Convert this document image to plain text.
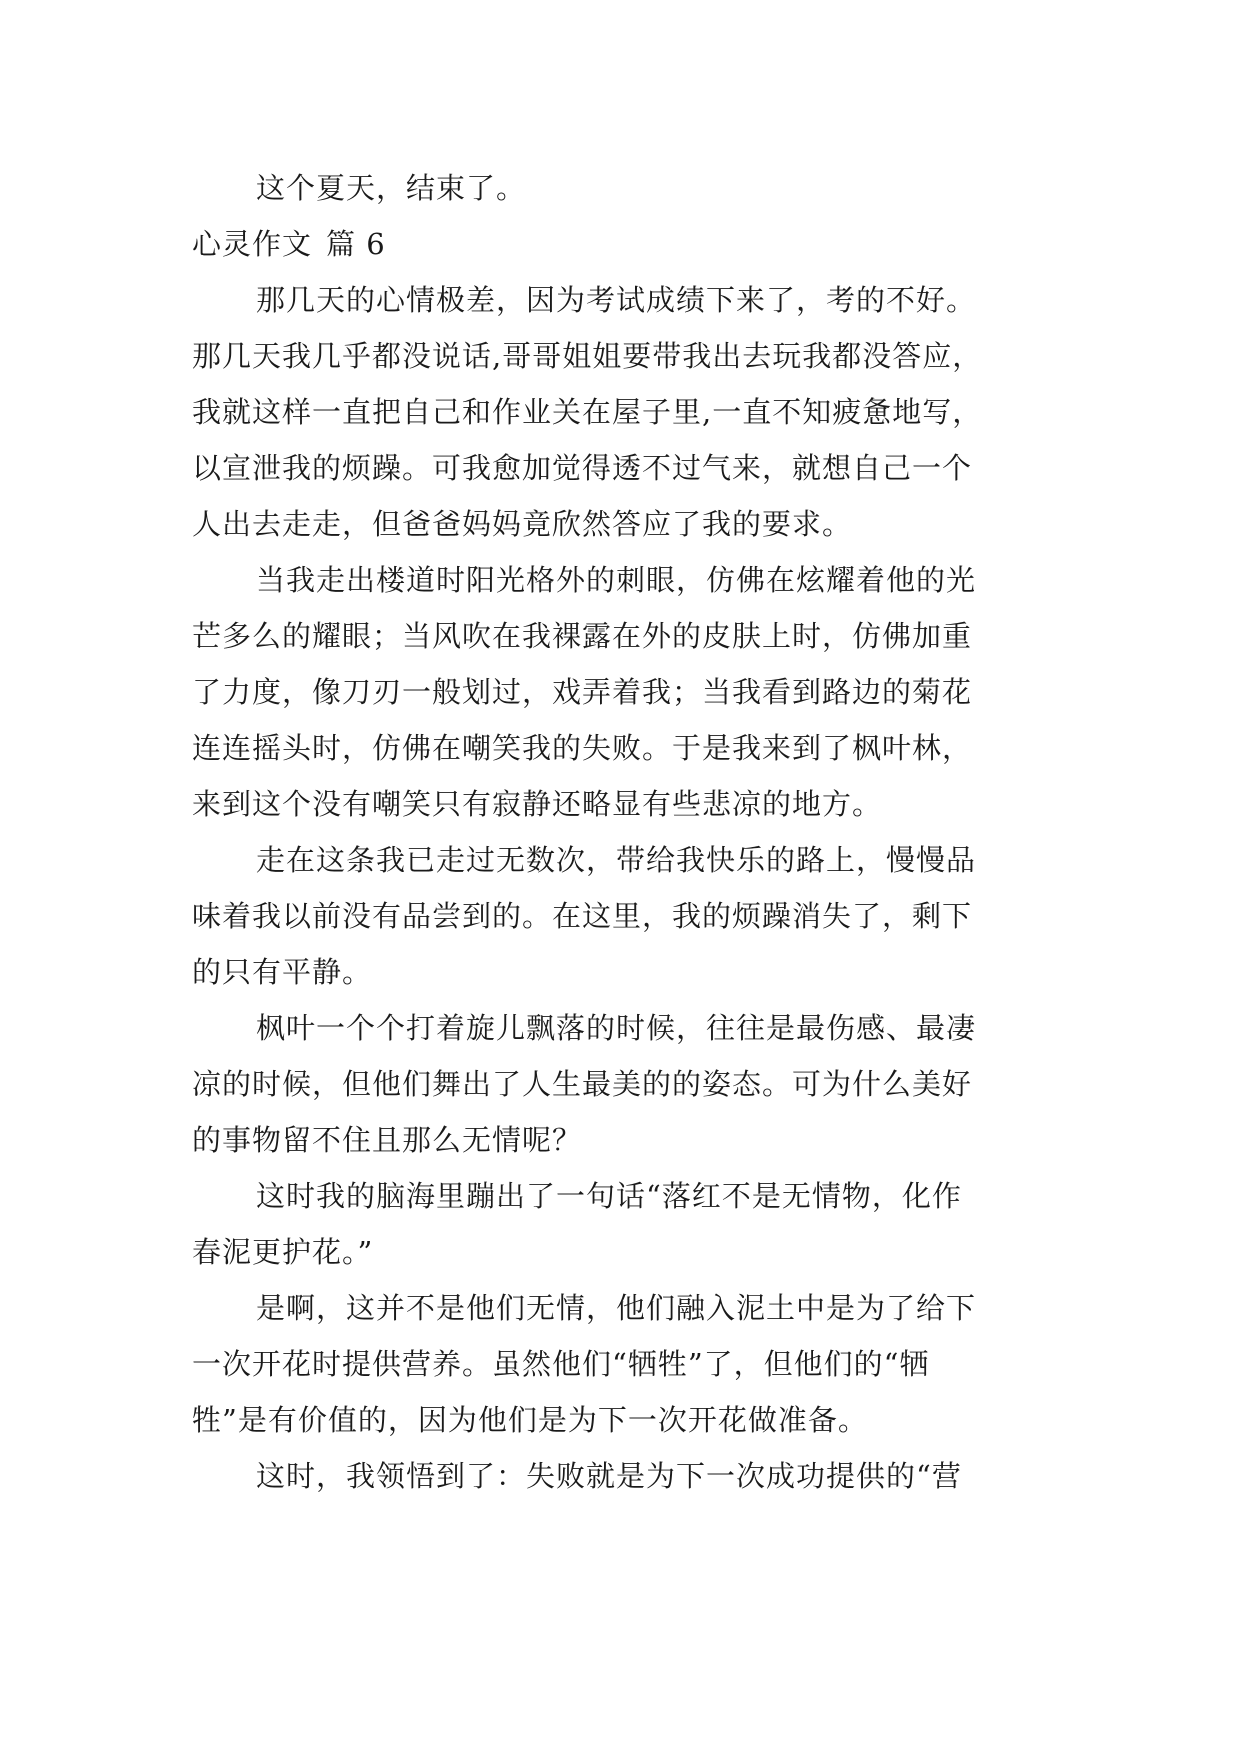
这个夏天，结束了。
心灵作文 篇 6
那几天的心情极差，因为考试成绩下来了，考的不好。
那几天我几乎都没说话,哥哥姐姐要带我出去玩我都没答应，
我就这样一直把自己和作业关在屋子里,一直不知疲惫地写，
以宣泄我的烦躁。可我愈加觉得透不过气来，就想自己一个
人出去走走，但爸爸妈妈竟欣然答应了我的要求。
当我走出楼道时阳光格外的刺眼，仿佛在炫耀着他的光
芒多么的耀眼；当风吹在我裸露在外的皮肤上时，仿佛加重
了力度，像刀刃一般划过，戏弄着我；当我看到路边的菊花
连连摇头时，仿佛在嘲笑我的失败。于是我来到了枫叶林，
来到这个没有嘲笑只有寂静还略显有些悲凉的地方。
走在这条我已走过无数次，带给我快乐的路上，慢慢品
味着我以前没有品尝到的。在这里，我的烦躁消失了，剩下
的只有平静。
枫叶一个个打着旋儿飘落的时候，往往是最伤感、最凄
凉的时候，但他们舞出了人生最美的的姿态。可为什么美好
的事物留不住且那么无情呢？
这时我的脑海里蹦出了一句话“落红不是无情物，化作
春泥更护花。”
是啊，这并不是他们无情，他们融入泥土中是为了给下
一次开花时提供营养。虽然他们“牺牲”了，但他们的“牺
牲”是有价值的，因为他们是为下一次开花做准备。
这时，我领悟到了：失败就是为下一次成功提供的“营
